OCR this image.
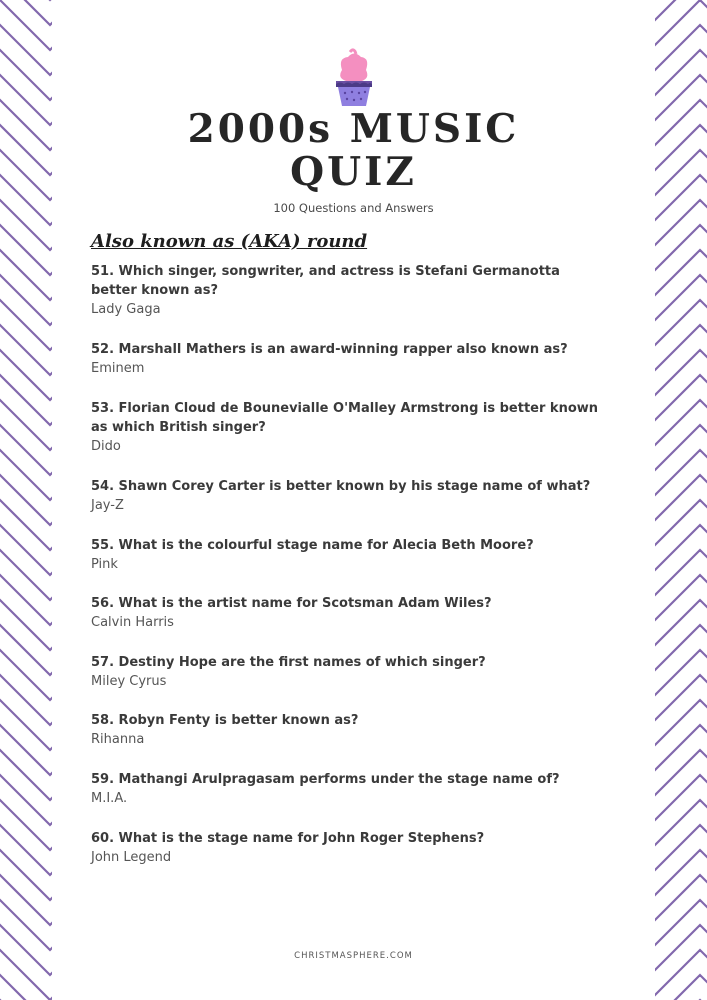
2000s MUSIC
QUIZ
100 Questions and Answers
Also known as (AKA) round

51. Which singer, songwriter, and actress is Stefani Germanotta better known as?

Lady Gaga

52. Marshall Mathers is an award-winning rapper also known as?

Eminem

53. Florian Cloud de Bounevialle O'Malley Armstrong is better known as which British singer?

Dido

54. Shawn Corey Carter is better known by his stage name of what?

Jay-Z

55. What is the colourful stage name for Alecia Beth Moore?

Pink

56. What is the artist name for Scotsman Adam Wiles?

Calvin Harris

57. Destiny Hope are the first names of which singer?

Miley Cyrus

58. Robyn Fenty is better known as?

Rihanna

59. Mathangi Arulpragasam performs under the stage name of?

M.I.A.

60. What is the stage name for John Roger Stephens?

John Legend

CHRISTMASPHERE.COM
